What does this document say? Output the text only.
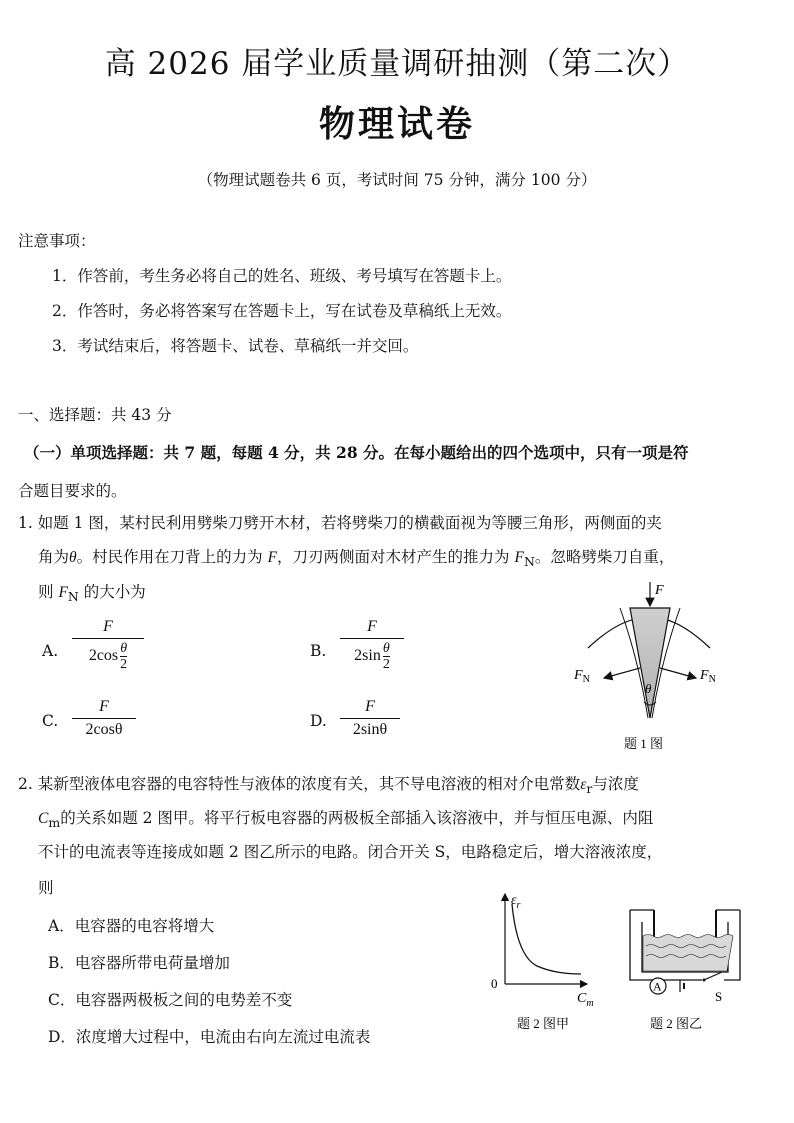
高 2026 届学业质量调研抽测（第二次）
物理试卷
（物理试题卷共 6 页，考试时间 75 分钟，满分 100 分）
注意事项：
1．作答前，考生务必将自己的姓名、班级、考号填写在答题卡上。
2．作答时，务必将答案写在答题卡上，写在试卷及草稿纸上无效。
3．考试结束后，将答题卡、试卷、草稿纸一并交回。
一、选择题：共 43 分
（一）单项选择题：共 7 题，每题 4 分，共 28 分。在每小题给出的四个选项中，只有一项是符
合题目要求的。
1. 如题 1 图，某村民利用劈柴刀劈开木材，若将劈柴刀的横截面视为等腰三角形，两侧面的夹
角为θ。村民作用在刀背上的力为 F，刀刃两侧面对木材产生的推力为 $F_N$。忽略劈柴刀自重，
则 $F_N$ 的大小为
A. $\frac{F}{2\cos \frac{\theta}{2}}$	B. $\frac{F}{2\sin \frac{\theta}{2}}$
C. $\frac{F}{2\cos\theta}$	D. $\frac{F}{2\sin\theta}$
F
$F_N$	$F_N$
θ
题 1 图
2. 某新型液体电容器的电容特性与液体的浓度有关，其不导电溶液的相对介电常数$\varepsilon_r$与浓度
$C_m$的关系如题 2 图甲。将平行板电容器的两极板全部插入该溶液中，并与恒压电源、内阻
不计的电流表等连接成如题 2 图乙所示的电路。闭合开关 S，电路稳定后，增大溶液浓度，
则
A．电容器的电容将增大
B．电容器所带电荷量增加
C．电容器两极板之间的电势差不变
D．浓度增大过程中，电流由右向左流过电流表
$\varepsilon_r$
0
$C_m$
题 2 图甲
A
S
题 2 图乙
